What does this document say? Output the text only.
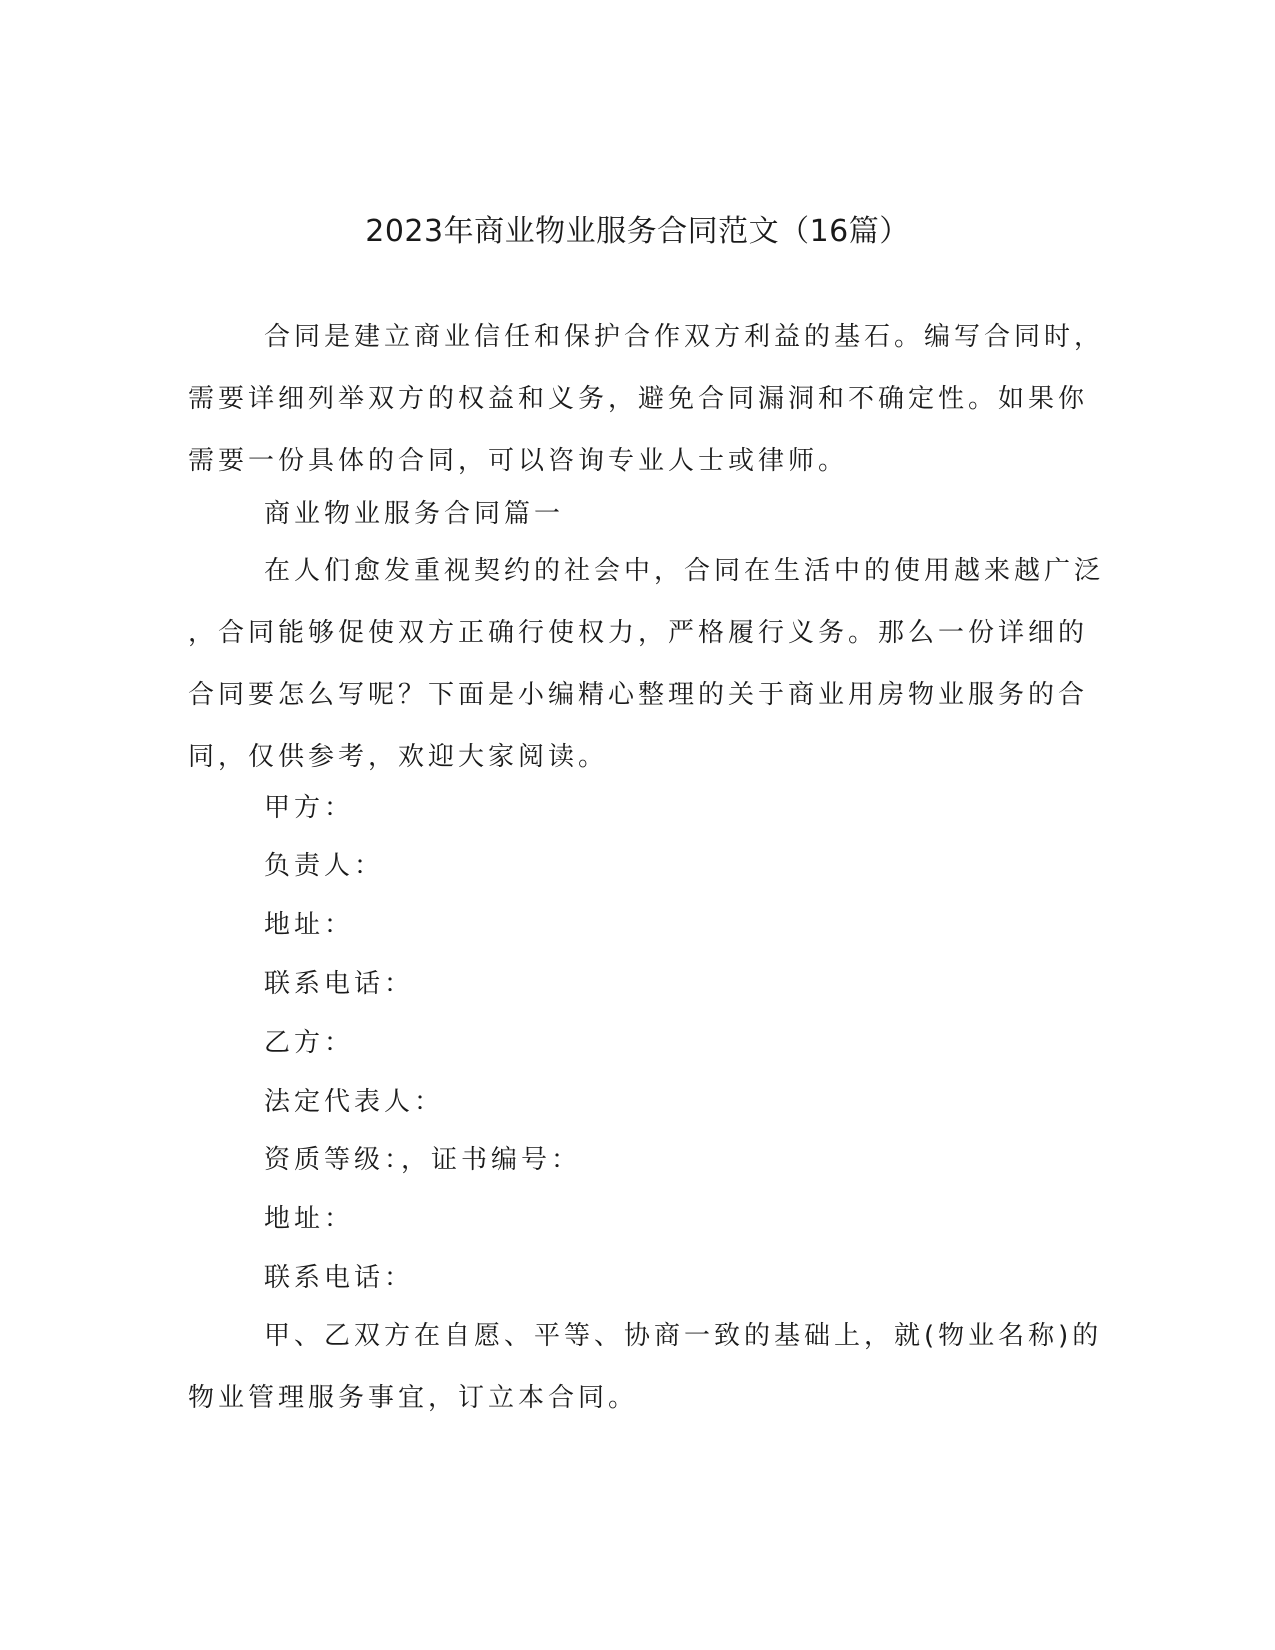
2023年商业物业服务合同范文（16篇）
合同是建立商业信任和保护合作双方利益的基石。编写合同时，
需要详细列举双方的权益和义务，避免合同漏洞和不确定性。如果你
需要一份具体的合同，可以咨询专业人士或律师。
商业物业服务合同篇一
在人们愈发重视契约的社会中，合同在生活中的使用越来越广泛
，合同能够促使双方正确行使权力，严格履行义务。那么一份详细的
合同要怎么写呢？下面是小编精心整理的关于商业用房物业服务的合
同，仅供参考，欢迎大家阅读。
甲方：
负责人：
地址：
联系电话：
乙方：
法定代表人：
资质等级：，证书编号：
地址：
联系电话：
甲、乙双方在自愿、平等、协商一致的基础上，就(物业名称)的
物业管理服务事宜，订立本合同。
